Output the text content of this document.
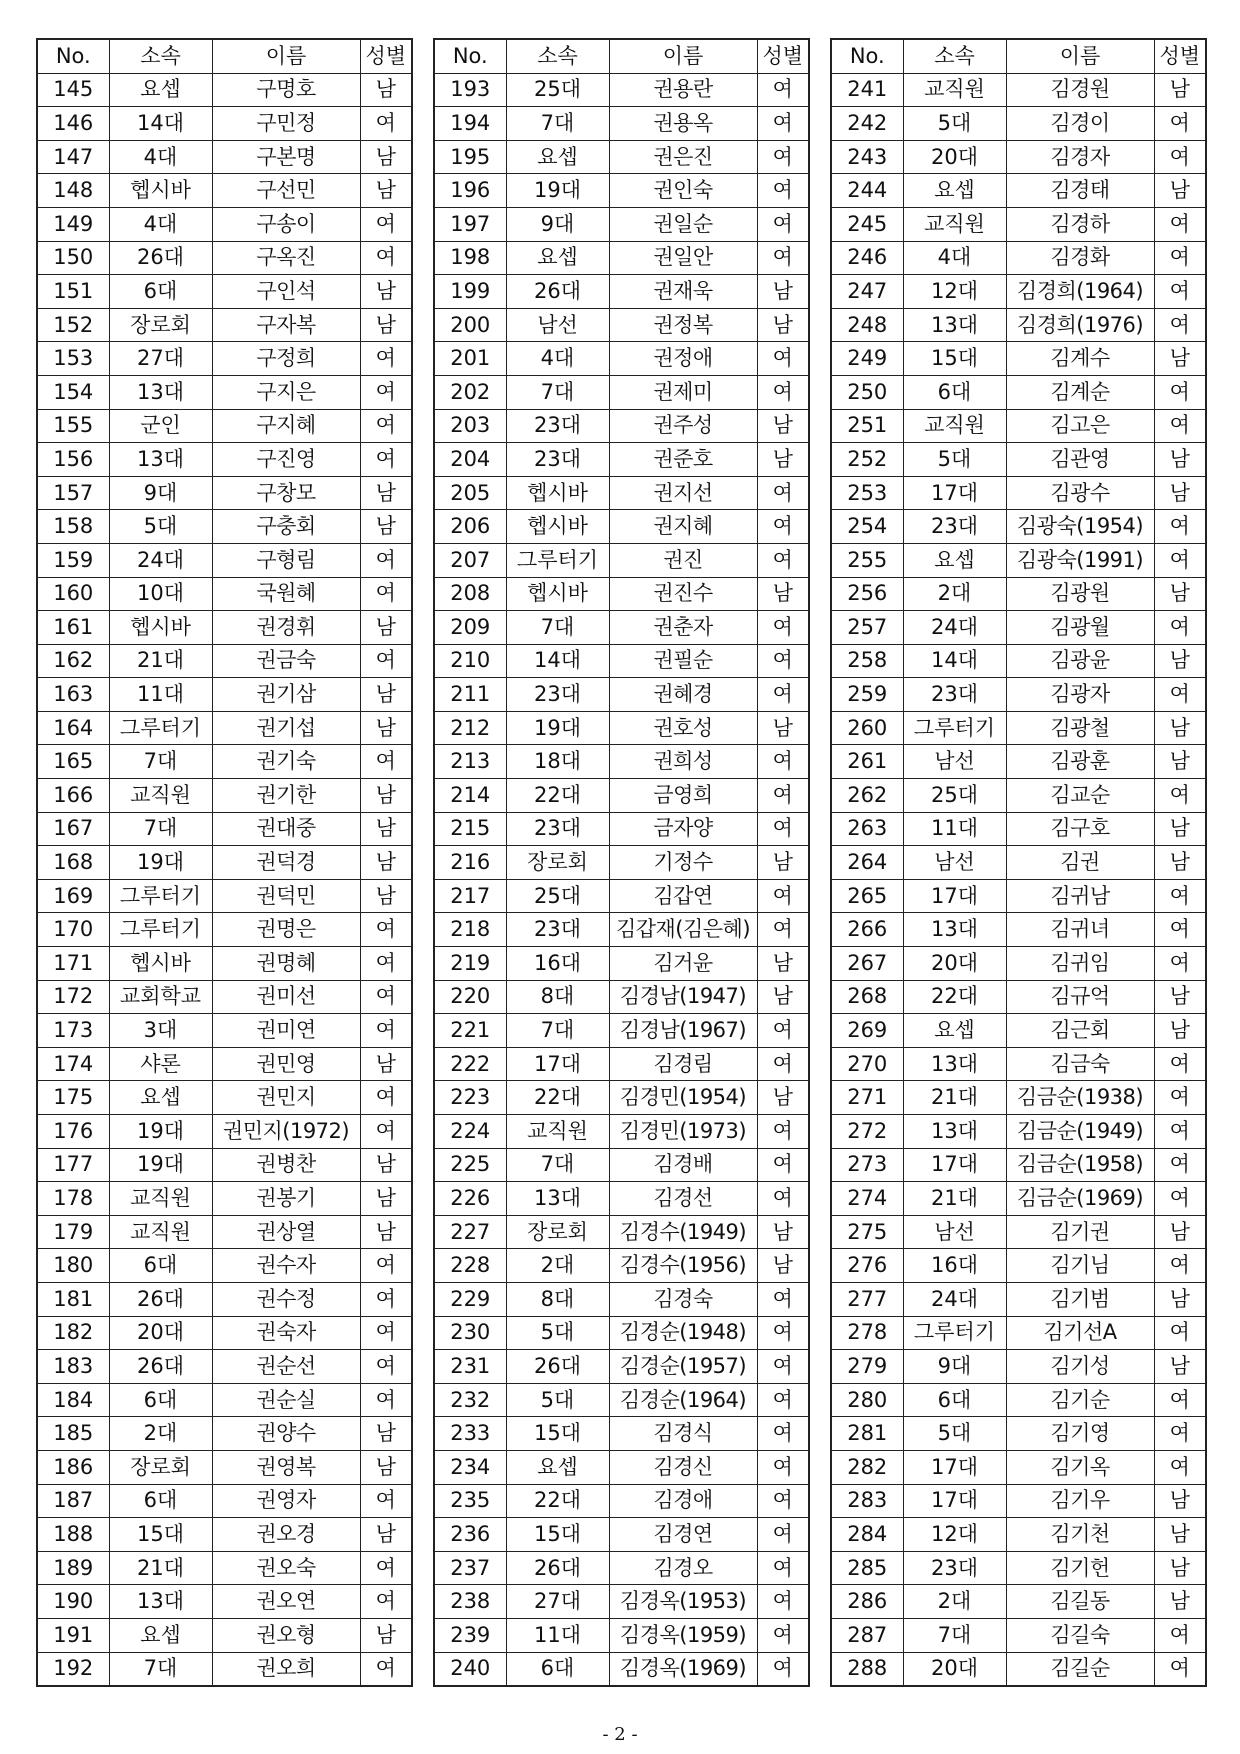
No.	소속	이름	성별
145	요셉	구명호	남
146	14대	구민정	여
147	4대	구본명	남
148	헵시바	구선민	남
149	4대	구송이	여
150	26대	구옥진	여
151	6대	구인석	남
152	장로회	구자복	남
153	27대	구정희	여
154	13대	구지은	여
155	군인	구지혜	여
156	13대	구진영	여
157	9대	구창모	남
158	5대	구충회	남
159	24대	구형림	여
160	10대	국원혜	여
161	헵시바	권경휘	남
162	21대	권금숙	여
163	11대	권기삼	남
164	그루터기	권기섭	남
165	7대	권기숙	여
166	교직원	권기한	남
167	7대	권대중	남
168	19대	권덕경	남
169	그루터기	권덕민	남
170	그루터기	권명은	여
171	헵시바	권명혜	여
172	교회학교	권미선	여
173	3대	권미연	여
174	샤론	권민영	남
175	요셉	권민지	여
176	19대	권민지(1972)	여
177	19대	권병찬	남
178	교직원	권봉기	남
179	교직원	권상열	남
180	6대	권수자	여
181	26대	권수정	여
182	20대	권숙자	여
183	26대	권순선	여
184	6대	권순실	여
185	2대	권양수	남
186	장로회	권영복	남
187	6대	권영자	여
188	15대	권오경	남
189	21대	권오숙	여
190	13대	권오연	여
191	요셉	권오형	남
192	7대	권오희	여
No.	소속	이름	성별
193	25대	권용란	여
194	7대	권용옥	여
195	요셉	권은진	여
196	19대	권인숙	여
197	9대	권일순	여
198	요셉	권일안	여
199	26대	권재욱	남
200	남선	권정복	남
201	4대	권정애	여
202	7대	권제미	여
203	23대	권주성	남
204	23대	권준호	남
205	헵시바	권지선	여
206	헵시바	권지혜	여
207	그루터기	권진	여
208	헵시바	권진수	남
209	7대	권춘자	여
210	14대	권필순	여
211	23대	권혜경	여
212	19대	권호성	남
213	18대	권희성	여
214	22대	금영희	여
215	23대	금자양	여
216	장로회	기정수	남
217	25대	김갑연	여
218	23대	김갑재(김은혜)	여
219	16대	김거윤	남
220	8대	김경남(1947)	남
221	7대	김경남(1967)	여
222	17대	김경림	여
223	22대	김경민(1954)	남
224	교직원	김경민(1973)	여
225	7대	김경배	여
226	13대	김경선	여
227	장로회	김경수(1949)	남
228	2대	김경수(1956)	남
229	8대	김경숙	여
230	5대	김경순(1948)	여
231	26대	김경순(1957)	여
232	5대	김경순(1964)	여
233	15대	김경식	여
234	요셉	김경신	여
235	22대	김경애	여
236	15대	김경연	여
237	26대	김경오	여
238	27대	김경옥(1953)	여
239	11대	김경옥(1959)	여
240	6대	김경옥(1969)	여
No.	소속	이름	성별
241	교직원	김경원	남
242	5대	김경이	여
243	20대	김경자	여
244	요셉	김경태	남
245	교직원	김경하	여
246	4대	김경화	여
247	12대	김경희(1964)	여
248	13대	김경희(1976)	여
249	15대	김계수	남
250	6대	김계순	여
251	교직원	김고은	여
252	5대	김관영	남
253	17대	김광수	남
254	23대	김광숙(1954)	여
255	요셉	김광숙(1991)	여
256	2대	김광원	남
257	24대	김광월	여
258	14대	김광윤	남
259	23대	김광자	여
260	그루터기	김광철	남
261	남선	김광훈	남
262	25대	김교순	여
263	11대	김구호	남
264	남선	김권	남
265	17대	김귀남	여
266	13대	김귀녀	여
267	20대	김귀임	여
268	22대	김규억	남
269	요셉	김근회	남
270	13대	김금숙	여
271	21대	김금순(1938)	여
272	13대	김금순(1949)	여
273	17대	김금순(1958)	여
274	21대	김금순(1969)	여
275	남선	김기권	남
276	16대	김기님	여
277	24대	김기범	남
278	그루터기	김기선A	여
279	9대	김기성	남
280	6대	김기순	여
281	5대	김기영	여
282	17대	김기옥	여
283	17대	김기우	남
284	12대	김기천	남
285	23대	김기헌	남
286	2대	김길동	남
287	7대	김길숙	여
288	20대	김길순	여
- 2 -
